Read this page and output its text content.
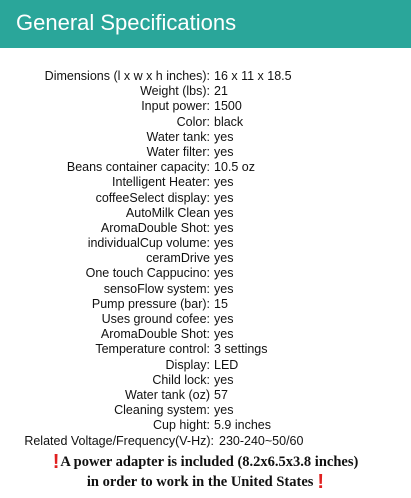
General Specifications
Dimensions (l x w x h inches): 16 x 11 x 18.5
Weight (lbs): 21
Input power: 1500
Color: black
Water tank: yes
Water filter: yes
Beans container capacity: 10.5 oz
Intelligent Heater: yes
coffeeSelect display: yes
AutoMilk Clean yes
AromaDouble Shot: yes
individualCup volume: yes
ceramDrive yes
One touch Cappucino: yes
sensoFlow system: yes
Pump pressure (bar): 15
Uses ground cofee: yes
AromaDouble Shot: yes
Temperature control: 3 settings
Display: LED
Child lock: yes
Water tank (oz) 57
Cleaning system: yes
Cup hight: 5.9 inches
Related Voltage/Frequency(V-Hz): 230-240~50/60
!A power adapter is included (8.2x6.5x3.8 inches)
in order to work in the United States !
